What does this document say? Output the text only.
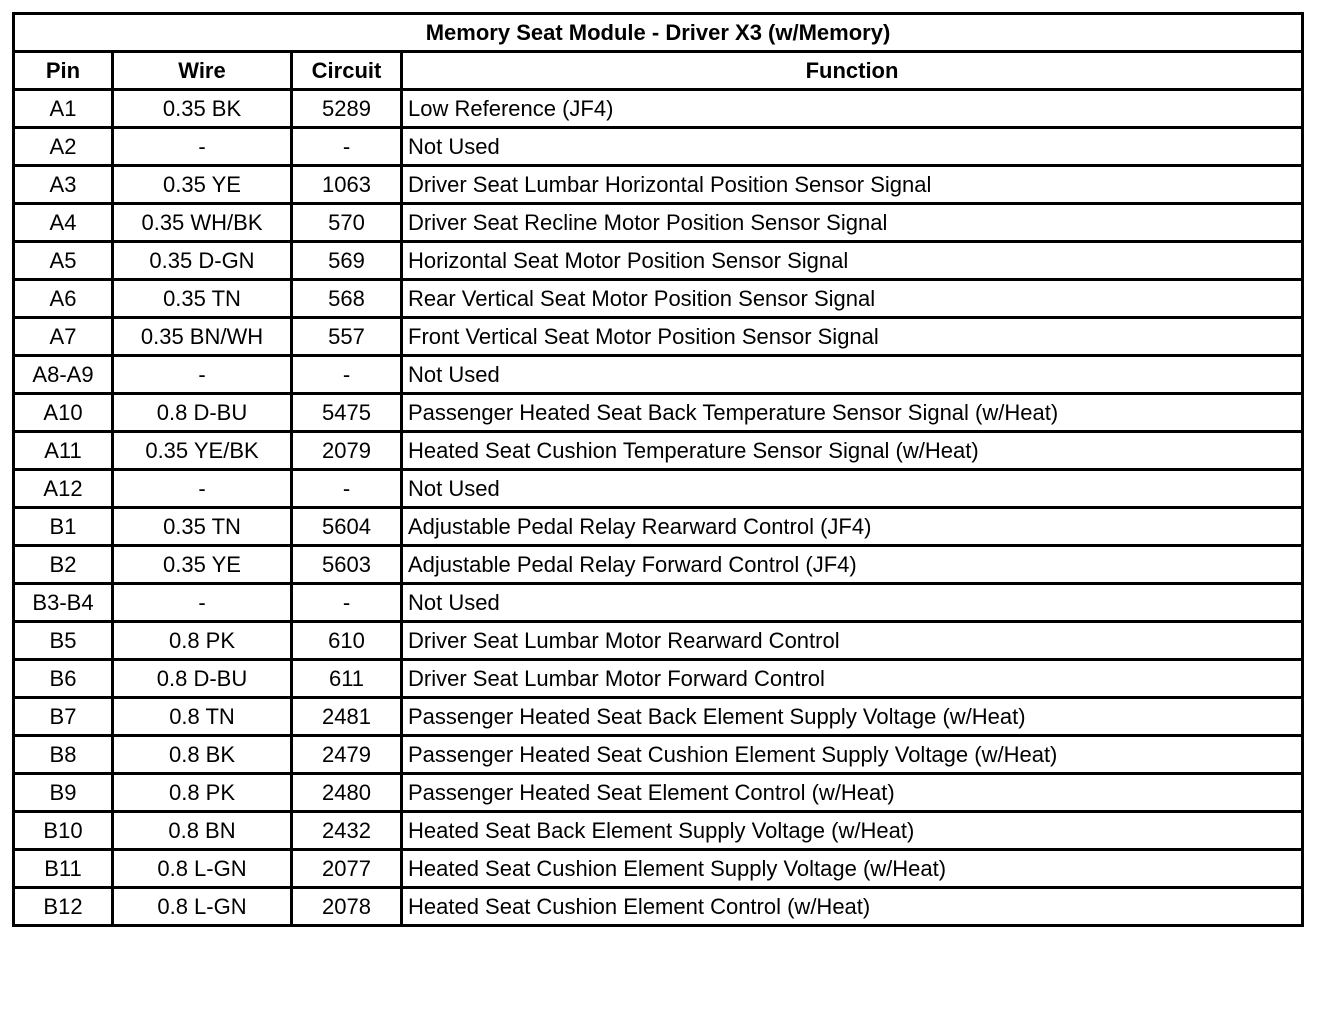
Memory Seat Module - Driver X3 (w/Memory)			
Pin	Wire	Circuit	Function
A1	0.35 BK	5289	Low Reference (JF4)
A2	-	-	Not Used
A3	0.35 YE	1063	Driver Seat Lumbar Horizontal Position Sensor Signal
A4	0.35 WH/BK	570	Driver Seat Recline Motor Position Sensor Signal
A5	0.35 D-GN	569	Horizontal Seat Motor Position Sensor Signal
A6	0.35 TN	568	Rear Vertical Seat Motor Position Sensor Signal
A7	0.35 BN/WH	557	Front Vertical Seat Motor Position Sensor Signal
A8-A9	-	-	Not Used
A10	0.8 D-BU	5475	Passenger Heated Seat Back Temperature Sensor Signal (w/Heat)
A11	0.35 YE/BK	2079	Heated Seat Cushion Temperature Sensor Signal (w/Heat)
A12	-	-	Not Used
B1	0.35 TN	5604	Adjustable Pedal Relay Rearward Control (JF4)
B2	0.35 YE	5603	Adjustable Pedal Relay Forward Control (JF4)
B3-B4	-	-	Not Used
B5	0.8 PK	610	Driver Seat Lumbar Motor Rearward Control
B6	0.8 D-BU	611	Driver Seat Lumbar Motor Forward Control
B7	0.8 TN	2481	Passenger Heated Seat Back Element Supply Voltage (w/Heat)
B8	0.8 BK	2479	Passenger Heated Seat Cushion Element Supply Voltage (w/Heat)
B9	0.8 PK	2480	Passenger Heated Seat Element Control (w/Heat)
B10	0.8 BN	2432	Heated Seat Back Element Supply Voltage (w/Heat)
B11	0.8 L-GN	2077	Heated Seat Cushion Element Supply Voltage (w/Heat)
B12	0.8 L-GN	2078	Heated Seat Cushion Element Control (w/Heat)
